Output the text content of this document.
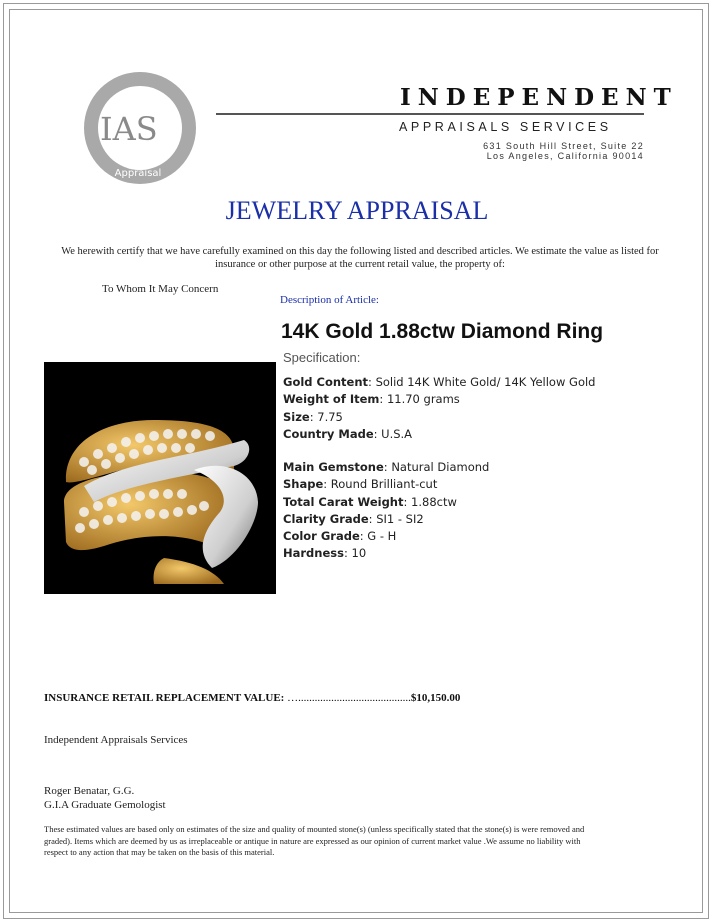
IAS
Appraisal
INDEPENDENT
APPRAISALS SERVICES
631 South Hill Street, Suite 22
Los Angeles, California 90014
JEWELRY APPRAISAL
We herewith certify that we have carefully examined on this day the following listed and described articles. We estimate the value as listed for insurance or other purpose at the current retail value, the property of:
To Whom It May Concern
Description of Article:
14K Gold 1.88ctw Diamond Ring
Specification:
Gold Content: Solid 14K White Gold/ 14K Yellow Gold
Weight of Item: 11.70 grams
Size: 7.75
Country Made: U.S.A
Main Gemstone: Natural Diamond
Shape: Round Brilliant-cut
Total Carat Weight: 1.88ctw
Clarity Grade: SI1 - SI2
Color Grade: G - H
Hardness: 10
INSURANCE RETAIL REPLACEMENT VALUE: ….........................................$10,150.00
Independent Appraisals Services
Roger Benatar, G.G.
G.I.A Graduate Gemologist
These estimated values are based only on estimates of the size and quality of mounted stone(s) (unless specifically stated that the stone(s) is were removed and graded). Items which are deemed by us as irreplaceable or antique in nature are expressed as our opinion of current market value .We assume no liability with respect to any action that may be taken on the basis of this material.
